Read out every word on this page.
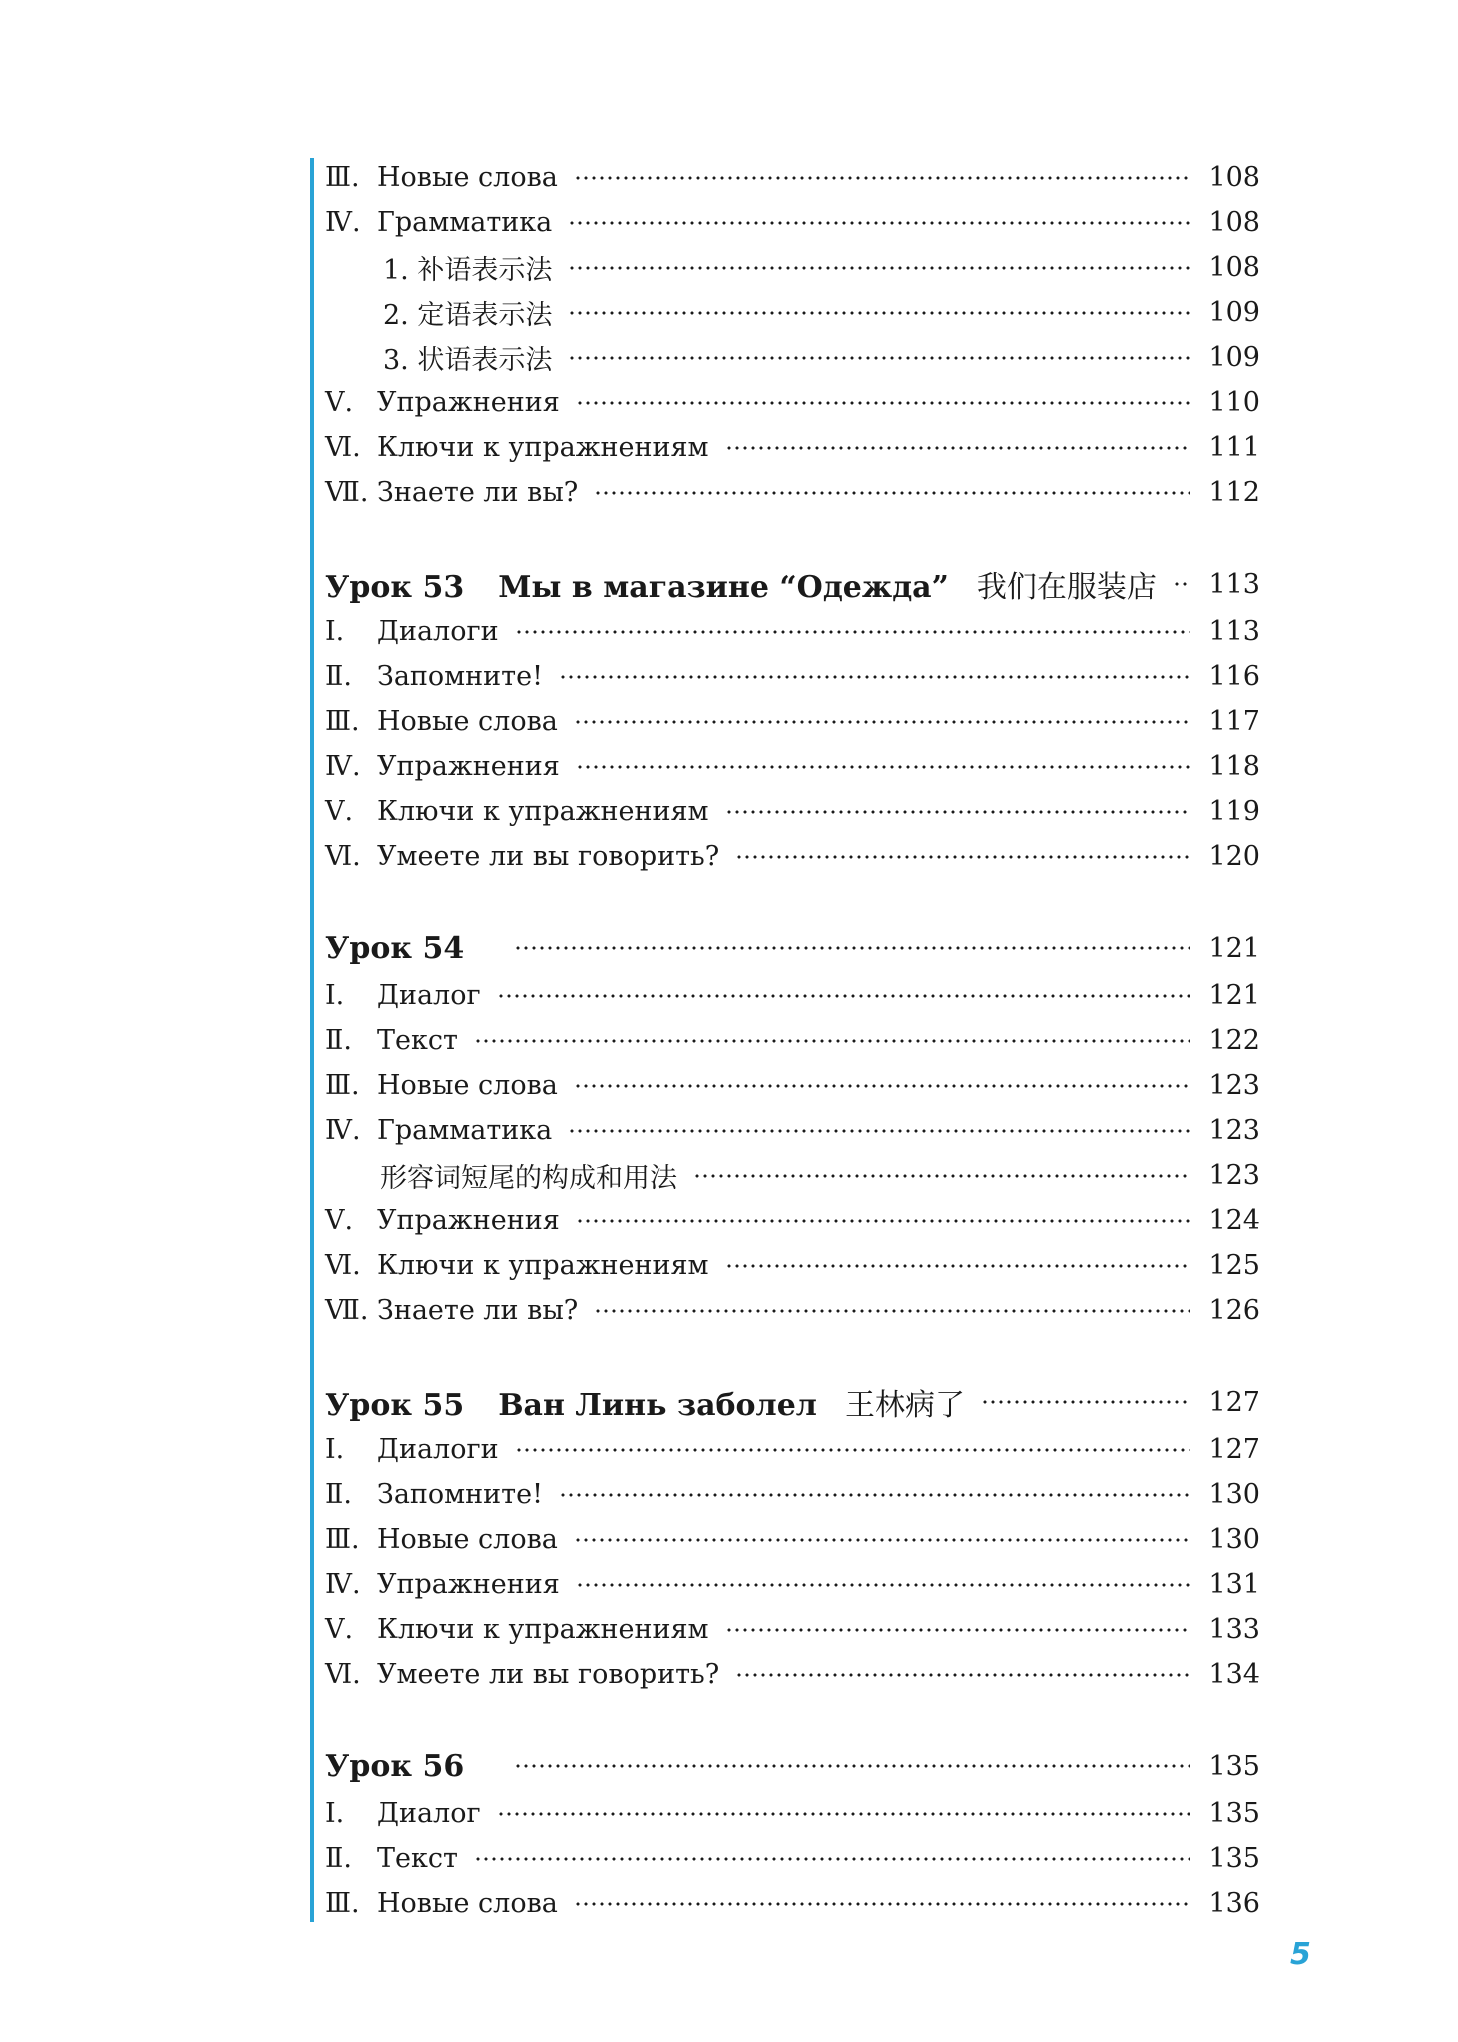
Ⅲ. Новые слова	108
Ⅳ. Грамматика	108
1. 补语表示法	108
2. 定语表示法	109
3. 状语表示法	109
Ⅴ. Упражнения	110
Ⅵ. Ключи к упражнениям	111
Ⅶ. Знаете ли вы?	112
Урок 53 Мы в магазине “Одежда” 我们在服装店 113
Ⅰ.	Диалоги	113
Ⅱ. Запомните!	116
Ⅲ. Новые слова	117
Ⅳ. Упражнения	118
Ⅴ. Ключи к упражнениям	119
Ⅵ. Умеете ли вы говорить?	120
Урок 54	121
Ⅰ.	Диалог	121
Ⅱ. Текст	122
Ⅲ. Новые слова	123
Ⅳ. Грамматика	123
形容词短尾的构成和用法	123
Ⅴ. Упражнения	124
Ⅵ. Ключи к упражнениям	125
Ⅶ. Знаете ли вы?	126
Урок 55 Ван Линь заболел 王林病了	127
Ⅰ.	Диалоги	127
Ⅱ. Запомните!	130
Ⅲ. Новые слова	130
Ⅳ. Упражнения	131
Ⅴ. Ключи к упражнениям	133
Ⅵ. Умеете ли вы говорить?	134
Урок 56	135
Ⅰ.	Диалог	135
Ⅱ. Текст	135
Ⅲ. Новые слова	136
5
